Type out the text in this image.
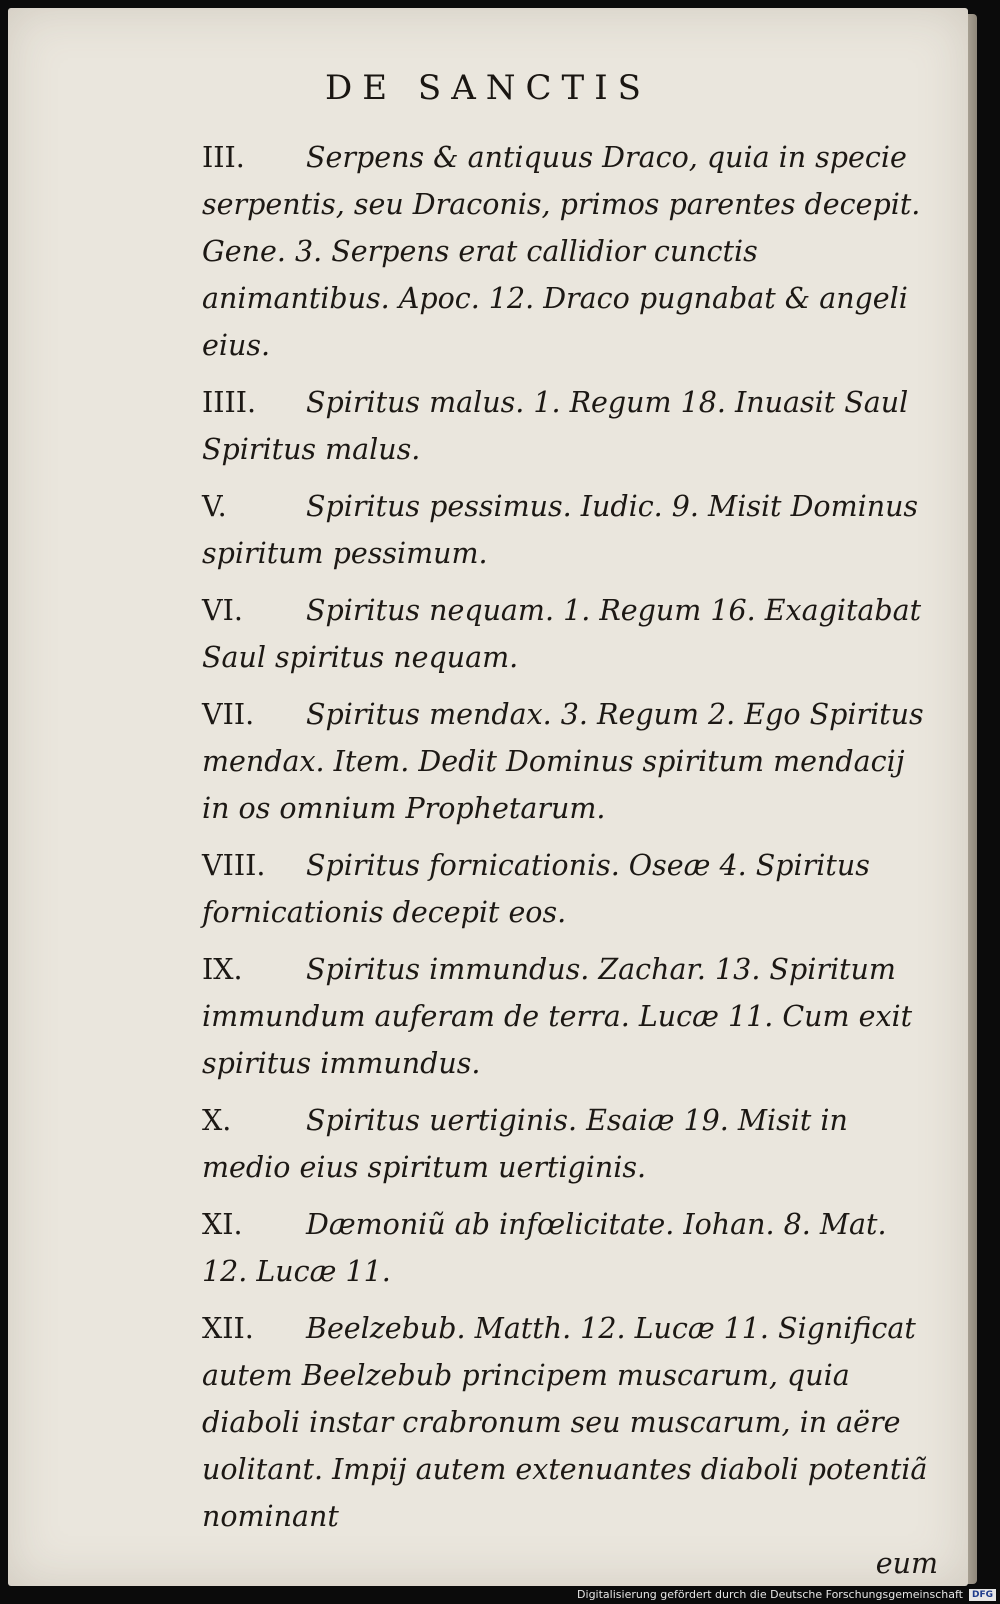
DE SANCTIS
III. Serpens & antiquus Draco, quia in specie serpentis, seu Draconis, primos parentes decepit. Gene. 3. Serpens erat callidior cunctis animantibus. Apoc. 12. Draco pugnabat & angeli eius.
IIII. Spiritus malus. 1. Regum 18. Inuasit Saul Spiritus malus.
V.	Spiritus pessimus. Iudic. 9. Misit Dominus spiritum pessimum.
VI. Spiritus nequam. 1. Regum 16. Exagitabat Saul spiritus nequam.
VII. Spiritus mendax. 3. Regum 2. Ego Spiritus mendax. Item. Dedit Dominus spiritum mendacij in os omnium Prophetarum.
VIII. Spiritus fornicationis. Oseæ 4. Spiritus fornicationis decepit eos.
IX. Spiritus immundus. Zachar. 13. Spiritum immundum auferam de terra. Lucæ 11. Cum exit spiritus immundus.
X.	Spiritus uertiginis. Esaiæ 19. Misit in medio eius spiritum uertiginis.
XI. Dæmoniũ ab infœlicitate. Iohan. 8. Mat. 12. Lucæ 11.
XII. Beelzebub. Matth. 12. Lucæ 11. Significat autem Beelzebub principem muscarum, quia diaboli instar crabronum seu muscarum, in aëre uolitant. Impij autem extenuantes diaboli potentiã nominant
eum
Digitalisierung gefördert durch die Deutsche Forschungsgemeinschaft DFG
